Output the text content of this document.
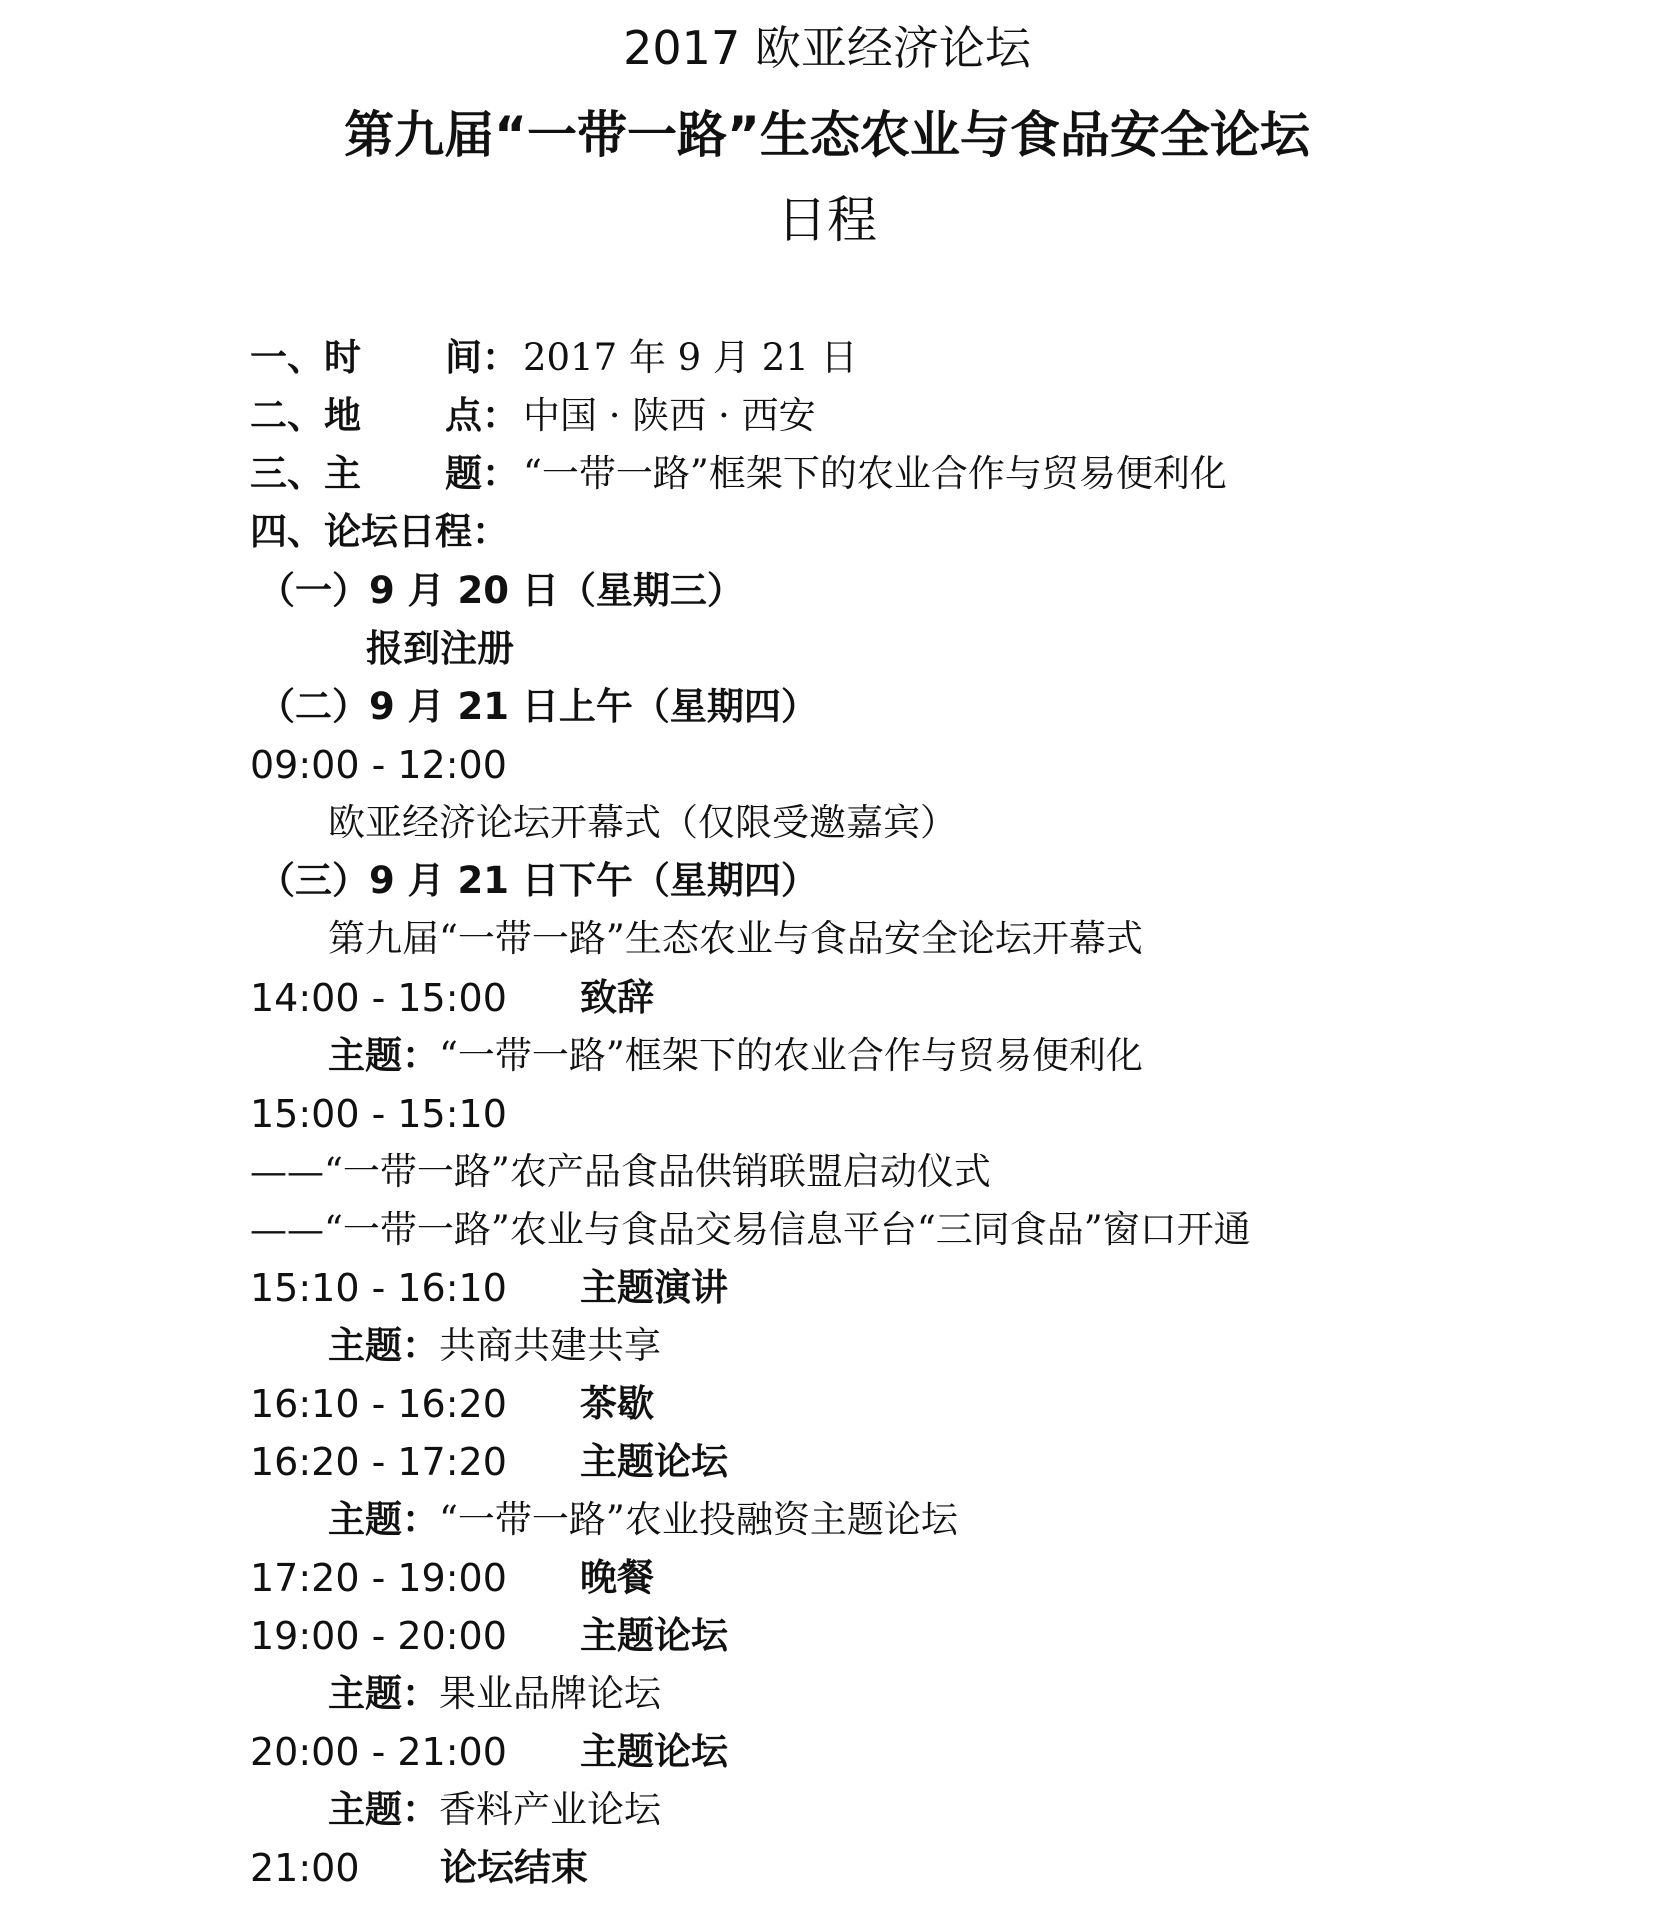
2017 欧亚经济论坛
第九届“一带一路”生态农业与食品安全论坛
日程
一、时 间： 2017 年 9 月 21 日
二、地 点： 中国 · 陕西 · 西安
三、主 题： “一带一路”框架下的农业合作与贸易便利化
四、论坛日程：
（一）9 月 20 日（星期三）
报到注册
（二）9 月 21 日上午（星期四）
09:00 - 12:00
欧亚经济论坛开幕式（仅限受邀嘉宾）
（三）9 月 21 日下午（星期四）
第九届“一带一路”生态农业与食品安全论坛开幕式
14:00 - 15:00 致辞
主题：“一带一路”框架下的农业合作与贸易便利化
15:00 - 15:10
——“一带一路”农产品食品供销联盟启动仪式
——“一带一路”农业与食品交易信息平台“三同食品”窗口开通
15:10 - 16:10 主题演讲
主题：共商共建共享
16:10 - 16:20 茶歇
16:20 - 17:20 主题论坛
主题：“一带一路”农业投融资主题论坛
17:20 - 19:00 晚餐
19:00 - 20:00 主题论坛
主题：果业品牌论坛
20:00 - 21:00 主题论坛
主题：香料产业论坛
21:00 论坛结束
